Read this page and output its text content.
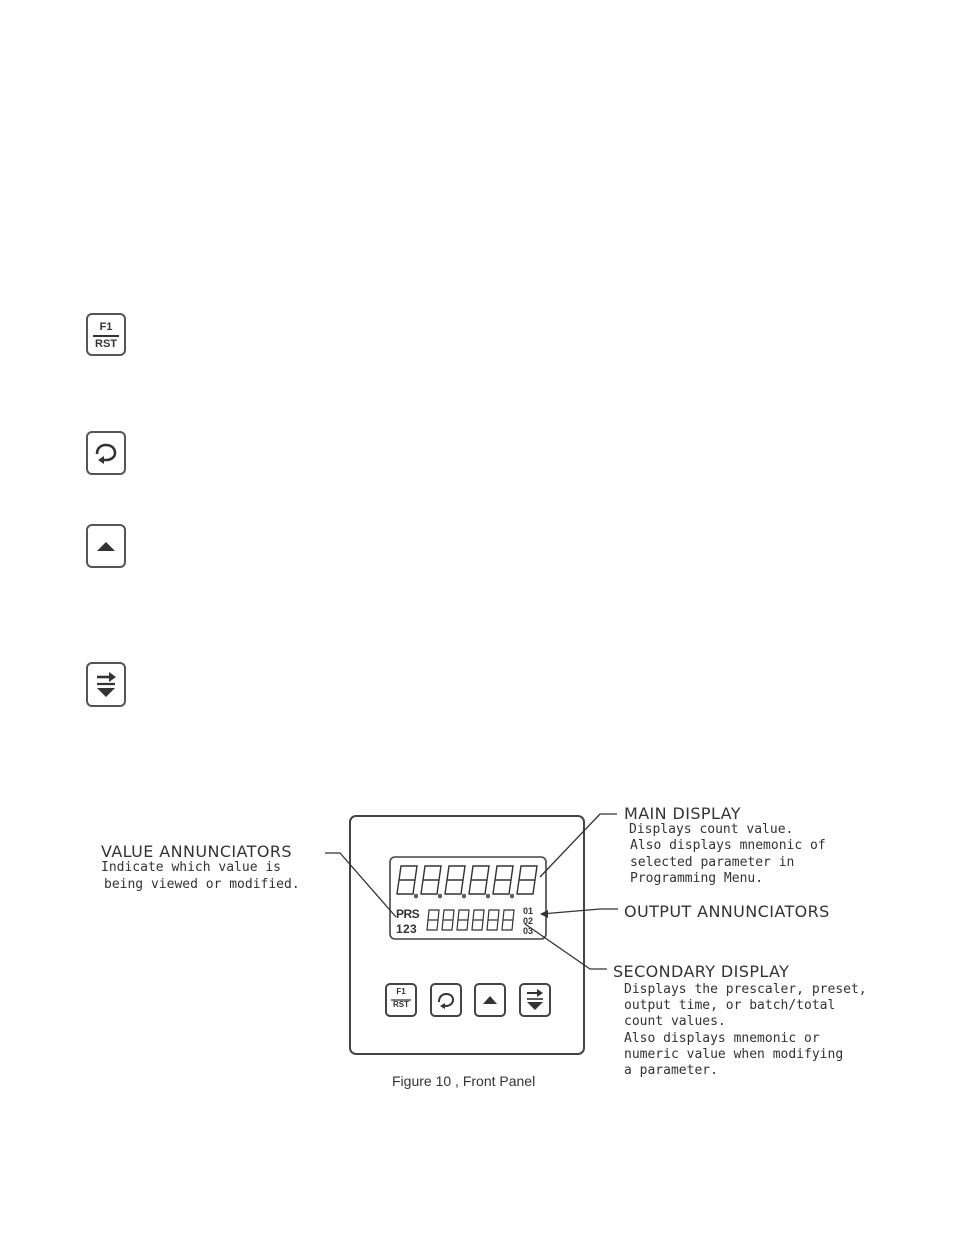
F1
RST
PRS
123
01
02
03
F1
RST
VALUE ANNUNCIATORS
Indicate which value is
being viewed or modified.
MAIN DISPLAY
Displays count value.
Also displays mnemonic of
selected parameter in
Programming Menu.
OUTPUT ANNUNCIATORS
SECONDARY DISPLAY
Displays the prescaler, preset,
output time, or batch/total
count values.
Also displays mnemonic or
numeric value when modifying
a parameter.
Figure 10 , Front Panel
